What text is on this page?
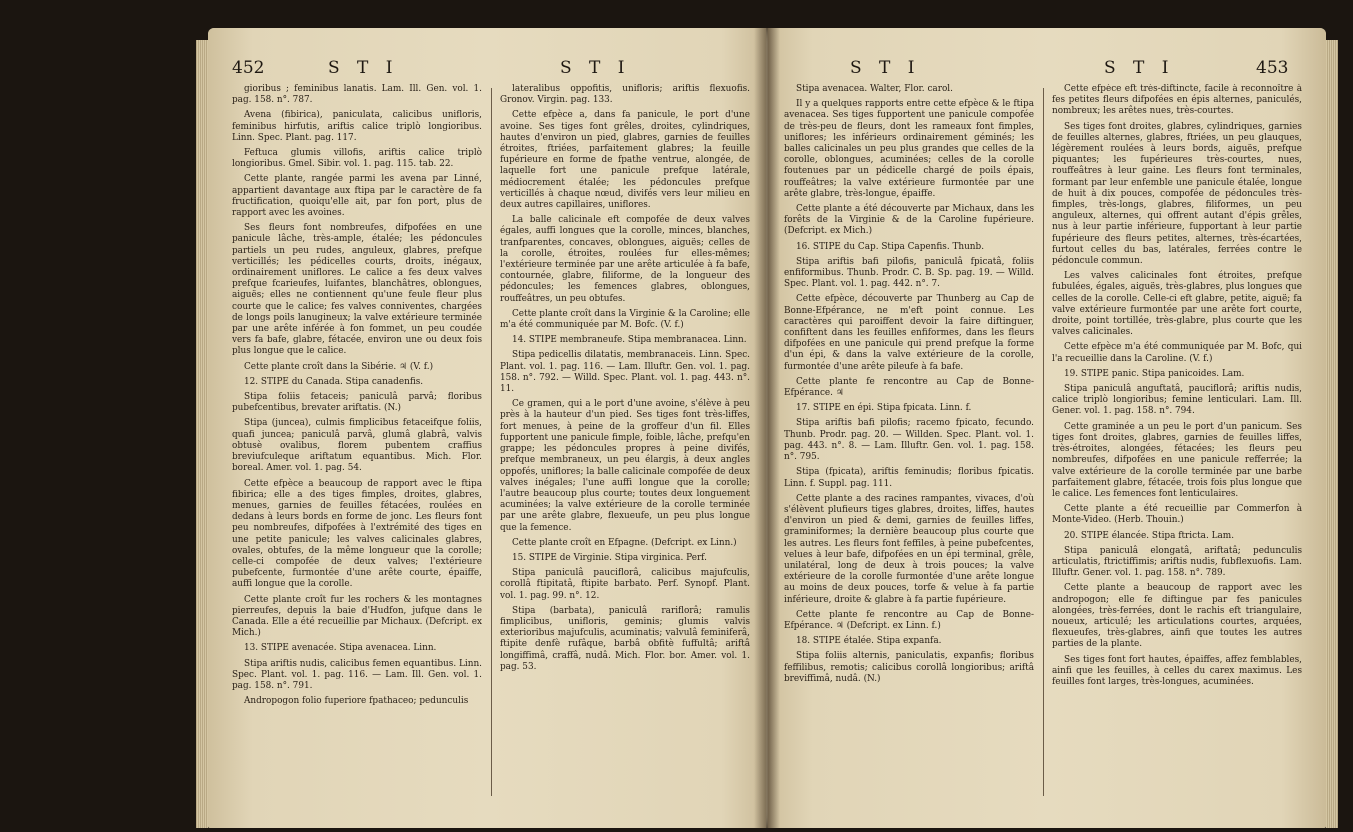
452	S T I	S T I

gioribus ; feminibus lanatis. Lam. Ill. Gen. vol. 1. pag. 158. n°. 787.

Avena (fibirica), paniculata, calicibus unifloris, feminibus hirfutis, ariftis calice triplò longioribus. Linn. Spec. Plant. pag. 117.

Feftuca glumis villofis, ariftis calice triplò longioribus. Gmel. Sibir. vol. 1. pag. 115. tab. 22.

Cette plante, rangée parmi les avena par Linné, appartient davantage aux ftipa par le caractère de fa fructification, quoiqu'elle ait, par fon port, plus de rapport avec les avoines.

Ses fleurs font nombreufes, difpofées en une panicule lâche, très-ample, étalée; les pédoncules partiels un peu rudes, anguleux, glabres, prefque verticillés; les pédicelles courts, droits, inégaux, ordinairement uniflores. Le calice a fes deux valves prefque fcarieufes, luifantes, blanchâtres, oblongues, aiguës; elles ne contiennent qu'une feule fleur plus courte que le calice; fes valves conniventes, chargées de longs poils lanugineux; la valve extérieure terminée par une arête inférée à fon fommet, un peu coudée vers fa bafe, glabre, fétacée, environ une ou deux fois plus longue que le calice.

Cette plante croît dans la Sibérie. ♃ (V. f.)

12. STIPE du Canada. Stipa canadenfis.

Stipa foliis fetaceis; paniculâ parvâ; floribus pubefcentibus, brevater ariftatis. (N.)

Stipa (juncea), culmis fimplicibus fetaceifque foliis, quafi juncea; paniculâ parvâ, glumâ glabrâ, valvis obtusè ovalibus, florem pubentem craffius breviufculeque ariftatum equantibus. Mich. Flor. boreal. Amer. vol. 1. pag. 54.

Cette efpèce a beaucoup de rapport avec le ftipa fibirica; elle a des tiges fimples, droites, glabres, menues, garnies de feuilles fétacées, roulées en dedans à leurs bords en forme de jonc. Les fleurs font peu nombreufes, difpofées à l'extrémité des tiges en une petite panicule; les valves calicinales glabres, ovales, obtufes, de la même longueur que la corolle; celle-ci compofée de deux valves; l'extérieure pubefcente, furmontée d'une arête courte, épaiffe, auffi longue que la corolle.

Cette plante croît fur les rochers & les montagnes pierreufes, depuis la baie d'Hudfon, jufque dans le Canada. Elle a été recueillie par Michaux. (Defcript. ex Mich.)

13. STIPE avenacée. Stipa avenacea. Linn.

Stipa ariftis nudis, calicibus femen equantibus. Linn. Spec. Plant. vol. 1. pag. 116. — Lam. Ill. Gen. vol. 1. pag. 158. n°. 791.

Andropogon folio fuperiore fpathaceo; pedunculis

lateralibus oppofitis, unifloris; ariftis flexuofis. Gronov. Virgin. pag. 133.

Cette efpèce a, dans fa panicule, le port d'une avoine. Ses tiges font grêles, droites, cylindriques, hautes d'environ un pied, glabres, garnies de feuilles étroites, ftriées, parfaitement glabres; la feuille fupérieure en forme de fpathe ventrue, alongée, de laquelle fort une panicule prefque latérale, médiocrement étalée; les pédoncules prefque verticillés à chaque nœud, divifés vers leur milieu en deux autres capillaires, uniflores.

La balle calicinale eft compofée de deux valves égales, auffi longues que la corolle, minces, blanches, tranfparentes, concaves, oblongues, aiguës; celles de la corolle, étroites, roulées fur elles-mêmes; l'extérieure terminée par une arête articulée à fa bafe, contournée, glabre, filiforme, de la longueur des pédoncules; les femences glabres, oblongues, rouffeâtres, un peu obtufes.

Cette plante croît dans la Virginie & la Caroline; elle m'a été communiquée par M. Bofc. (V. f.)

14. STIPE membraneufe. Stipa membranacea. Linn.

Stipa pedicellis dilatatis, membranaceis. Linn. Spec. Plant. vol. 1. pag. 116. — Lam. Illuftr. Gen. vol. 1. pag. 158. n°. 792. — Willd. Spec. Plant. vol. 1. pag. 443. n°. 11.

Ce gramen, qui a le port d'une avoine, s'élève à peu près à la hauteur d'un pied. Ses tiges font très-liffes, fort menues, à peine de la groffeur d'un fil. Elles fupportent une panicule fimple, foible, lâche, prefqu'en grappe; les pédoncules propres à peine divifés, prefque membraneux, un peu élargis, à deux angles oppofés, uniflores; la balle calicinale compofée de deux valves inégales; l'une auffi longue que la corolle; l'autre beaucoup plus courte; toutes deux longuement acuminées; la valve extérieure de la corolle terminée par une arête glabre, flexueufe, un peu plus longue que la femence.

Cette plante croît en Efpagne. (Defcript. ex Linn.)

15. STIPE de Virginie. Stipa virginica. Perf.

Stipa paniculâ pauciflorâ, calicibus majufculis, corollâ ftipitatâ, ftipite barbato. Perf. Synopf. Plant. vol. 1. pag. 99. n°. 12.

Stipa (barbata), paniculâ rariflorâ; ramulis fimplicibus, unifloris, geminis; glumis valvis exterioribus majufculis, acuminatis; valvulâ feminiferâ, ftipite denfè rufâque, barbâ obfitè fuffultâ; ariftâ longiffimâ, craffâ, nudâ. Mich. Flor. bor. Amer. vol. 1. pag. 53.

S T I	S T I	453

Stipa avenacea. Walter, Flor. carol.

Il y a quelques rapports entre cette efpèce & le ftipa avenacea. Ses tiges fupportent une panicule compofée de très-peu de fleurs, dont les rameaux font fimples, uniflores; les inférieurs ordinairement géminés; les balles calicinales un peu plus grandes que celles de la corolle, oblongues, acuminées; celles de la corolle foutenues par un pédicelle chargé de poils épais, rouffeâtres; la valve extérieure furmontée par une arête glabre, très-longue, épaiffe.

Cette plante a été découverte par Michaux, dans les forêts de la Virginie & de la Caroline fupérieure. (Defcript. ex Mich.)

16. STIPE du Cap. Stipa Capenfis. Thunb.

Stipa ariftis bafi pilofis, paniculâ fpicatâ, foliis enfiformibus. Thunb. Prodr. C. B. Sp. pag. 19. — Willd. Spec. Plant. vol. 1. pag. 442. n°. 7.

Cette efpèce, découverte par Thunberg au Cap de Bonne-Efpérance, ne m'eft point connue. Les caractères qui paroiffent devoir la faire diftinguer, confiftent dans les feuilles enfiformes, dans les fleurs difpofées en une panicule qui prend prefque la forme d'un épi, & dans la valve extérieure de la corolle, furmontée d'une arête pileufe à fa bafe.

Cette plante fe rencontre au Cap de Bonne-Efpérance. ♃

17. STIPE en épi. Stipa fpicata. Linn. f.

Stipa ariftis bafi pilofis; racemo fpicato, fecundo. Thunb. Prodr. pag. 20. — Willden. Spec. Plant. vol. 1. pag. 443. n°. 8. — Lam. Illuftr. Gen. vol. 1. pag. 158. n°. 795.

Stipa (fpicata), ariftis feminudis; floribus fpicatis. Linn. f. Suppl. pag. 111.

Cette plante a des racines rampantes, vivaces, d'où s'élèvent plufieurs tiges glabres, droites, liffes, hautes d'environ un pied & demi, garnies de feuilles liffes, graminiformes; la dernière beaucoup plus courte que les autres. Les fleurs font feffiles, à peine pubefcentes, velues à leur bafe, difpofées en un épi terminal, grêle, unilatéral, long de deux à trois pouces; la valve extérieure de la corolle furmontée d'une arête longue au moins de deux pouces, torfe & velue à fa partie inférieure, droite & glabre à fa partie fupérieure.

Cette plante fe rencontre au Cap de Bonne-Efpérance. ♃ (Defcript. ex Linn. f.)

18. STIPE étalée. Stipa expanfa.

Stipa foliis alternis, paniculatis, expanfis; floribus feffilibus, remotis; calicibus corollâ longioribus; ariftâ breviffimâ, nudâ. (N.)

Cette efpèce eft très-diftincte, facile à reconnoître à fes petites fleurs difpofées en épis alternes, paniculés, nombreux; les arêtes nues, très-courtes.

Ses tiges font droites, glabres, cylindriques, garnies de feuilles alternes, glabres, ftriées, un peu glauques, légèrement roulées à leurs bords, aiguës, prefque piquantes; les fupérieures très-courtes, nues, rouffeâtres à leur gaine. Les fleurs font terminales, formant par leur enfemble une panicule étalée, longue de huit à dix pouces, compofée de pédoncules très-fimples, très-longs, glabres, filiformes, un peu anguleux, alternes, qui offrent autant d'épis grêles, nus à leur partie inférieure, fupportant à leur partie fupérieure des fleurs petites, alternes, très-écartées, furtout celles du bas, latérales, ferrées contre le pédoncule commun.

Les valves calicinales font étroites, prefque fubulées, égales, aiguës, très-glabres, plus longues que celles de la corolle. Celle-ci eft glabre, petite, aiguë; fa valve extérieure furmontée par une arête fort courte, droite, point tortillée, très-glabre, plus courte que les valves calicinales.

Cette efpèce m'a été communiquée par M. Bofc, qui l'a recueillie dans la Caroline. (V. f.)

19. STIPE panic. Stipa panicoides. Lam.

Stipa paniculâ anguftatâ, pauciflorâ; ariftis nudis, calice triplò longioribus; femine lenticulari. Lam. Ill. Gener. vol. 1. pag. 158. n°. 794.

Cette graminée a un peu le port d'un panicum. Ses tiges font droites, glabres, garnies de feuilles liffes, très-étroites, alongées, fétacées; les fleurs peu nombreufes, difpofées en une panicule refferrée; la valve extérieure de la corolle terminée par une barbe parfaitement glabre, fétacée, trois fois plus longue que le calice. Les femences font lenticulaires.

Cette plante a été recueillie par Commerfon à Monte-Video. (Herb. Thouin.)

20. STIPE élancée. Stipa ftricta. Lam.

Stipa paniculâ elongatâ, ariftatâ; pedunculis articulatis, ftrictiffimis; ariftis nudis, fubflexuofis. Lam. Illuftr. Gener. vol. 1. pag. 158. n°. 789.

Cette plante a beaucoup de rapport avec les andropogon; elle fe diftingue par fes panicules alongées, très-ferrées, dont le rachis eft triangulaire, noueux, articulé; les articulations courtes, arquées, flexueufes, très-glabres, ainfi que toutes les autres parties de la plante.

Ses tiges font fort hautes, épaiffes, affez femblables, ainfi que les feuilles, à celles du carex maximus. Les feuilles font larges, très-longues, acuminées.
